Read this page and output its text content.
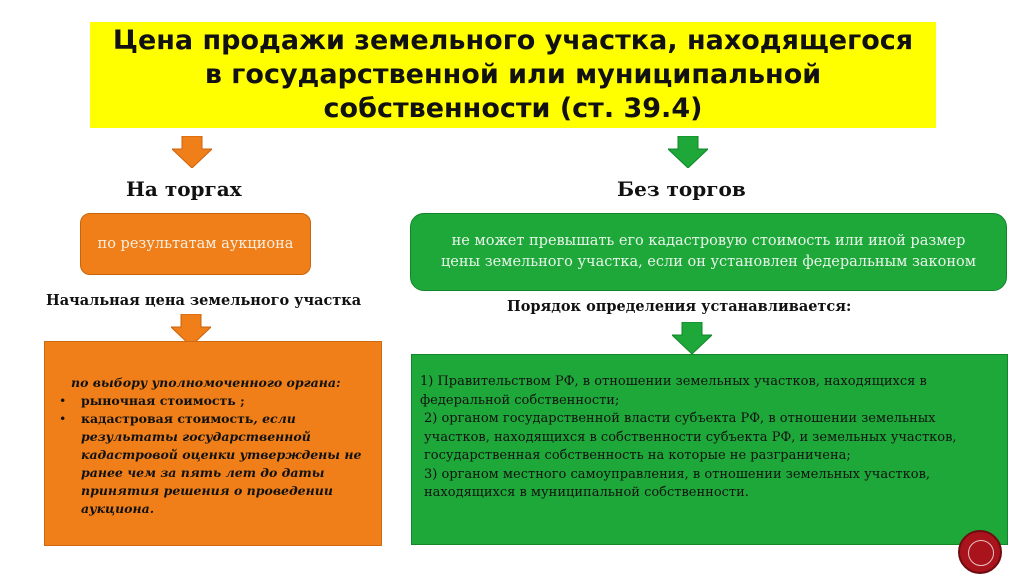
Цена продажи земельного участка, находящегося в государственной или муниципальной собственности (ст. 39.4)
На торгах
по результатам аукциона
Начальная цена земельного участка
по выбору уполномоченного органа:
• рыночная стоимость ;
• кадастровая стоимость, если результаты государственной кадастровой оценки утверждены не ранее чем за пять лет до даты принятия решения о проведении аукциона.
Без торгов
не может превышать его кадастровую стоимость или иной размер цены земельного участка, если он установлен федеральным законом
Порядок определения устанавливается:

1) Правительством РФ, в отношении земельных участков, находящихся в федеральной собственности;

2) органом государственной власти субъекта РФ, в отношении земельных участков, находящихся в собственности субъекта РФ, и земельных участков, государственная собственность на которые не разграничена;

3) органом местного самоуправления, в отношении земельных участков, находящихся в муниципальной собственности.
